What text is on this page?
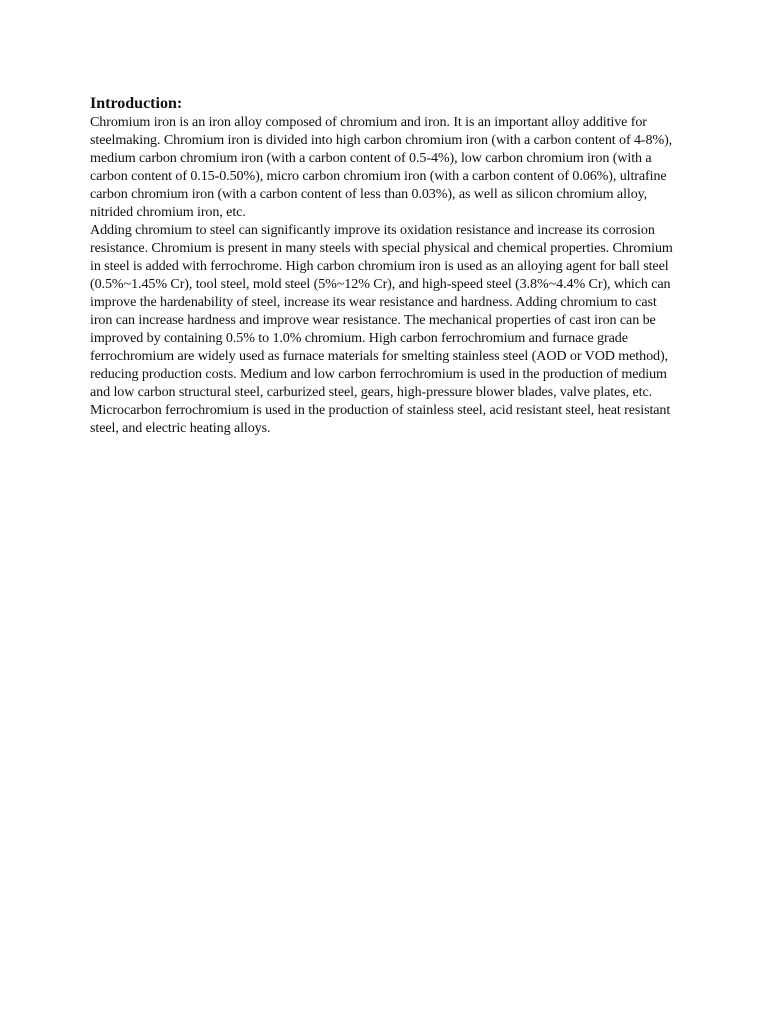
Introduction:

Chromium iron is an iron alloy composed of chromium and iron. It is an important alloy additive for steelmaking. Chromium iron is divided into high carbon chromium iron (with a carbon content of 4-8%), medium carbon chromium iron (with a carbon content of 0.5-4%), low carbon chromium iron (with a carbon content of 0.15-0.50%), micro carbon chromium iron (with a carbon content of 0.06%), ultrafine carbon chromium iron (with a carbon content of less than 0.03%), as well as silicon chromium alloy, nitrided chromium iron, etc.

Adding chromium to steel can significantly improve its oxidation resistance and increase its corrosion resistance. Chromium is present in many steels with special physical and chemical properties. Chromium in steel is added with ferrochrome. High carbon chromium iron is used as an alloying agent for ball steel (0.5%~1.45% Cr), tool steel, mold steel (5%~12% Cr), and high-speed steel (3.8%~4.4% Cr), which can improve the hardenability of steel, increase its wear resistance and hardness. Adding chromium to cast iron can increase hardness and improve wear resistance. The mechanical properties of cast iron can be improved by containing 0.5% to 1.0% chromium. High carbon ferrochromium and furnace grade ferrochromium are widely used as furnace materials for smelting stainless steel (AOD or VOD method), reducing production costs. Medium and low carbon ferrochromium is used in the production of medium and low carbon structural steel, carburized steel, gears, high-pressure blower blades, valve plates, etc. Microcarbon ferrochromium is used in the production of stainless steel, acid resistant steel, heat resistant steel, and electric heating alloys.
